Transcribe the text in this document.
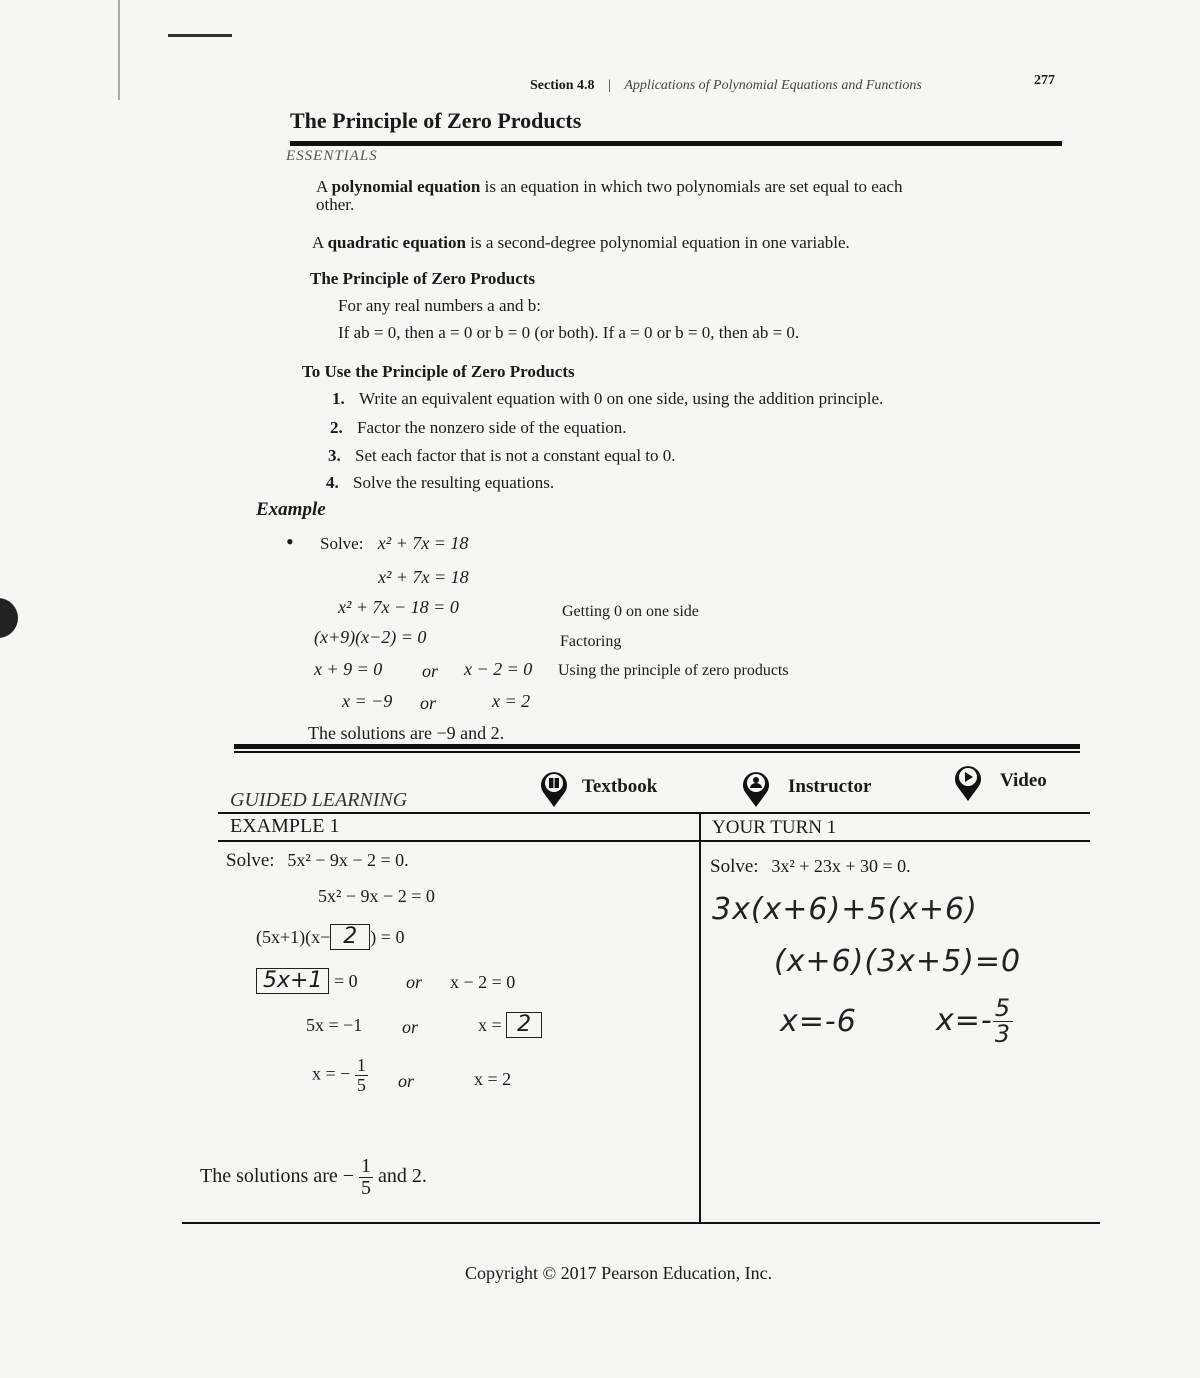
Section 4.8 | Applications of Polynomial Equations and Functions	277
The Principle of Zero Products
ESSENTIALS
A polynomial equation is an equation in which two polynomials are set equal to each
other.
A quadratic equation is a second-degree polynomial equation in one variable.
The Principle of Zero Products
For any real numbers a and b:
If ab = 0, then a = 0 or b = 0 (or both). If a = 0 or b = 0, then ab = 0.
To Use the Principle of Zero Products
1. Write an equivalent equation with 0 on one side, using the addition principle.
2. Factor the nonzero side of the equation.
3. Set each factor that is not a constant equal to 0.
4. Solve the resulting equations.
Example
• Solve: x² + 7x = 18
x² + 7x = 18
x² + 7x − 18 = 0	Getting 0 on one side
(x+9)(x−2) = 0	Factoring
x + 9 = 0 or x − 2 = 0 Using the principle of zero products
x = −9 or	x = 2
The solutions are −9 and 2.
GUIDED LEARNING
Textbook	Instructor	Video
EXAMPLE 1	YOUR TURN 1
Solve: 5x² − 9x − 2 = 0.
5x² − 9x − 2 = 0
(5x+1)(x− 2 ) = 0
5x+1 = 0	or x − 2 = 0
5x = −1 or	x = 2
x = − $\frac{1}{5}$ or	x = 2
The solutions are − $\frac{1}{5}$ and 2.
Solve: 3x² + 23x + 30 = 0.
3x(x+6)+5(x+6)
(x+6)(3x+5)=0
x=-6	$x=- \frac{5}{3}$
Copyright © 2017 Pearson Education, Inc.
